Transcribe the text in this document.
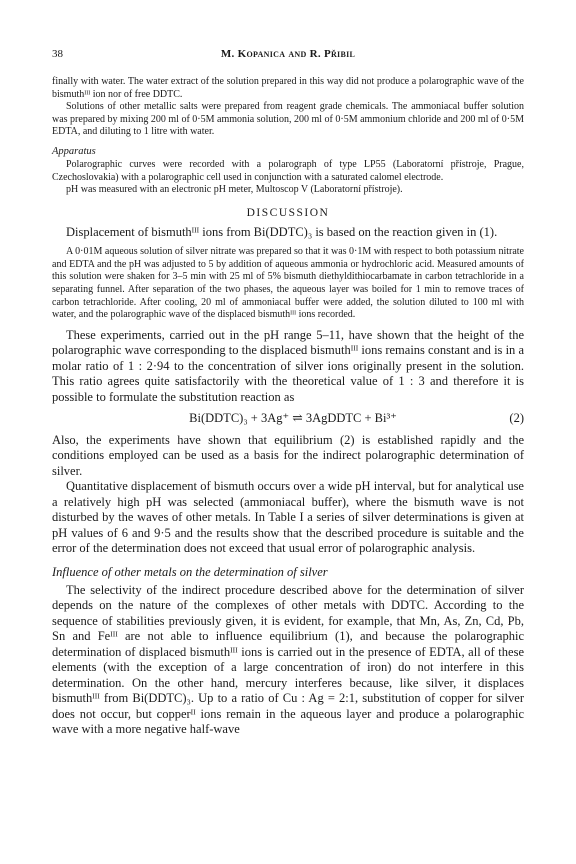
38	M. Kopanica and R. Přibil

finally with water. The water extract of the solution prepared in this way did not produce a polarographic wave of the bismuthᴵᴵᴵ ion nor of free DDTC.

Solutions of other metallic salts were prepared from reagent grade chemicals. The ammoniacal buffer solution was prepared by mixing 200 ml of 0·5M ammonia solution, 200 ml of 0·5M ammonium chloride and 200 ml of 0·5M EDTA, and diluting to 1 litre with water.

Apparatus

Polarographic curves were recorded with a polarograph of type LP55 (Laboratorní přístroje, Prague, Czechoslovakia) with a polarographic cell used in conjunction with a saturated calomel electrode.

pH was measured with an electronic pH meter, Multoscop V (Laboratorní přístroje).

DISCUSSION

Displacement of bismuthᴵᴵᴵ ions from Bi(DDTC)₃ is based on the reaction given in (1).

A 0·01M aqueous solution of silver nitrate was prepared so that it was 0·1M with respect to both potassium nitrate and EDTA and the pH was adjusted to 5 by addition of aqueous ammonia or hydrochloric acid. Measured amounts of this solution were shaken for 3–5 min with 25 ml of 5% bismuth diethyldithiocarbamate in carbon tetrachloride in a separating funnel. After separation of the two phases, the aqueous layer was boiled for 1 min to remove traces of carbon tetrachloride. After cooling, 20 ml of ammoniacal buffer were added, the solution diluted to 100 ml with water, and the polarographic wave of the displaced bismuthᴵᴵᴵ ions recorded.

These experiments, carried out in the pH range 5–11, have shown that the height of the polarographic wave corresponding to the displaced bismuthᴵᴵᴵ ions remains constant and is in a molar ratio of 1 : 2·94 to the concentration of silver ions originally present in the solution. This ratio agrees quite satisfactorily with the theoretical value of 1 : 3 and therefore it is possible to formulate the substitution reaction as

Bi(DDTC)₃ + 3Ag⁺ ⇌ 3AgDDTC + Bi³⁺	(2)

Also, the experiments have shown that equilibrium (2) is established rapidly and the conditions employed can be used as a basis for the indirect polarographic determination of silver.

Quantitative displacement of bismuth occurs over a wide pH interval, but for analytical use a relatively high pH was selected (ammoniacal buffer), where the bismuth wave is not disturbed by the waves of other metals. In Table I a series of silver determinations is given at pH values of 6 and 9·5 and the results show that the described procedure is suitable and the error of the determination does not exceed that usual error of polarographic analysis.

Influence of other metals on the determination of silver

The selectivity of the indirect procedure described above for the determination of silver depends on the nature of the complexes of other metals with DDTC. According to the sequence of stabilities previously given, it is evident, for example, that Mn, As, Zn, Cd, Pb, Sn and Feᴵᴵᴵ are not able to influence equilibrium (1), and because the polarographic determination of displaced bismuthᴵᴵᴵ ions is carried out in the presence of EDTA, all of these elements (with the exception of a large concentration of iron) do not interfere in this determination. On the other hand, mercury interferes because, like silver, it displaces bismuthᴵᴵᴵ from Bi(DDTC)₃. Up to a ratio of Cu : Ag = 2:1, substitution of copper for silver does not occur, but copperᴵᴵ ions remain in the aqueous layer and produce a polarographic wave with a more negative half-wave
